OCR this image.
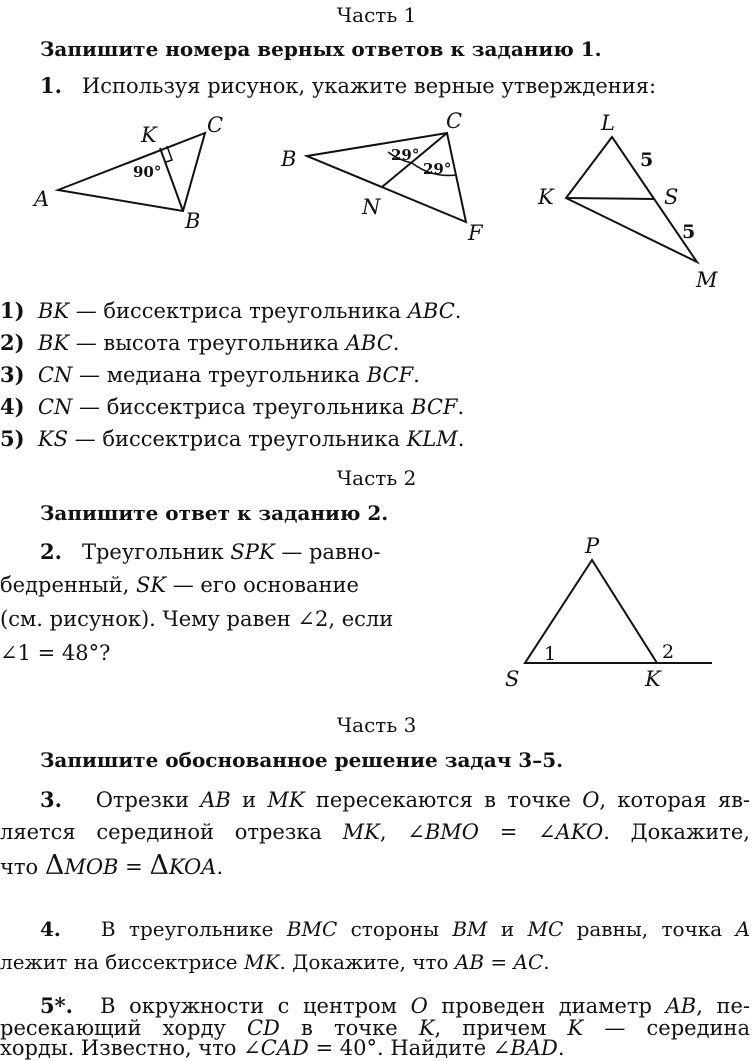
Часть 1
Запишите номера верных ответов к заданию 1.
1. Используя рисунок, укажите верные утверждения:
A
K C
B
90°
B
C
N
F
29°
29°
L
K	S
M
5
5
1) BK — биссектриса треугольника ABC.
2) BK — высота треугольника ABC.
3) CN — медиана треугольника BCF.
4) CN — биссектриса треугольника BCF.
5) KS — биссектриса треугольника KLM.
Часть 2
Запишите ответ к заданию 2.
2. Треугольник SPK — равно-
бедренный, SK — его основание
(см. рисунок). Чему равен ∠2, если
∠1 = 48°?
P
S	K
1	2
Часть 3
Запишите обоснованное решение задач 3–5.
3. Отрезки AB и MK пересекаются в точке O, которая яв-
ляется серединой отрезка MK, ∠BMO = ∠AKO. Докажите,
что ΔMOB = ΔKOA.
4. В треугольнике BMC стороны BM и MC равны, точка A
лежит на биссектрисе MK. Докажите, что AB = AC.
5*. В окружности с центром O проведен диаметр AB, пе-
ресекающий хорду CD в точке K, причем K — середина
хорды. Известно, что ∠CAD = 40°. Найдите ∠BAD.
